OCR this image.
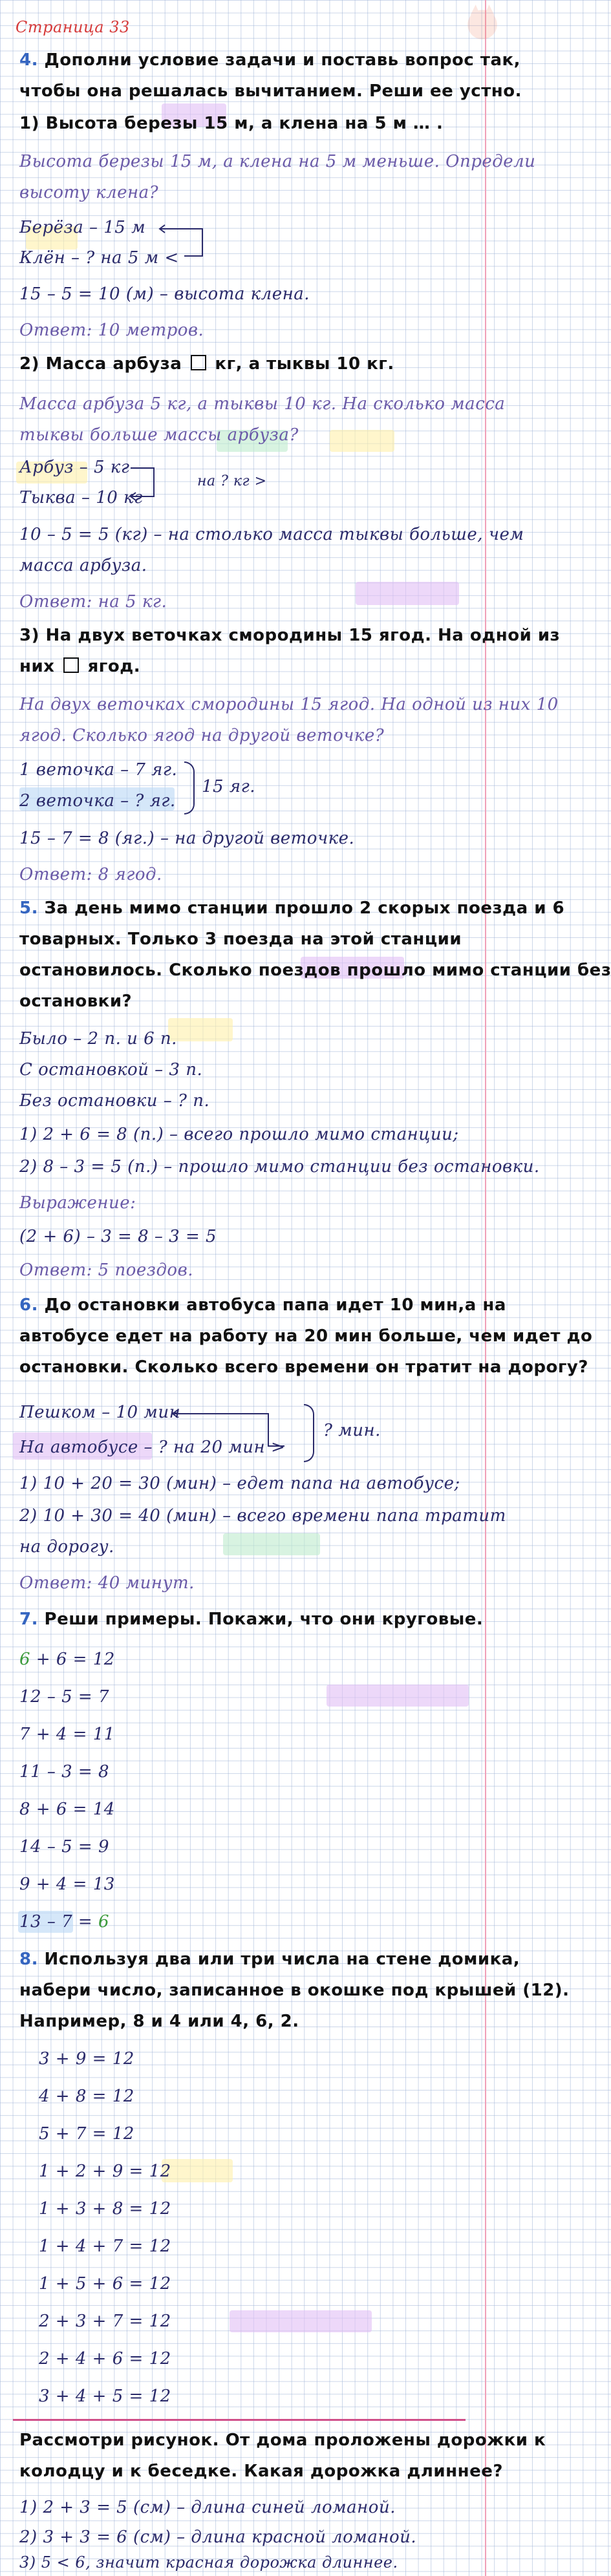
Страница 33
4. Дополни условие задачи и поставь вопрос так,
чтобы она решалась вычитанием. Реши ее устно.
1) Высота березы 15 м, а клена на 5 м … .
Высота березы 15 м, а клена на 5 м меньше. Определи
высоту клена?
Берёза – 15 м
Клён – ? на 5 м <
15 – 5 = 10 (м) – высота клена.
Ответ: 10 метров.
2) Масса арбуза кг, а тыквы 10 кг.
Масса арбуза 5 кг, а тыквы 10 кг. На сколько масса
тыквы больше массы арбуза?
Арбуз – 5 кг
Тыква – 10 кг
на ? кг >
10 – 5 = 5 (кг) – на столько масса тыквы больше, чем
масса арбуза.
Ответ: на 5 кг.
3) На двух веточках смородины 15 ягод. На одной из
них ягод.
На двух веточках смородины 15 ягод. На одной из них 10
ягод. Сколько ягод на другой веточке?
1 веточка – 7 яг.
2 веточка – ? яг.
15 яг.
15 – 7 = 8 (яг.) – на другой веточке.
Ответ: 8 ягод.
5. За день мимо станции прошло 2 скорых поезда и 6
товарных. Только 3 поезда на этой станции
остановилось. Сколько поездов прошло мимо станции без
остановки?
Было – 2 п. и 6 п.
С остановкой – 3 п.
Без остановки – ? п.
1) 2 + 6 = 8 (п.) – всего прошло мимо станции;
2) 8 – 3 = 5 (п.) – прошло мимо станции без остановки.
Выражение:
(2 + 6) – 3 = 8 – 3 = 5
Ответ: 5 поездов.
6. До остановки автобуса папа идет 10 мин,а на
автобусе едет на работу на 20 мин больше, чем идет до
остановки. Сколько всего времени он тратит на дорогу?
Пешком – 10 мин
На автобусе – ? на 20 мин >
? мин.
1) 10 + 20 = 30 (мин) – едет папа на автобусе;
2) 10 + 30 = 40 (мин) – всего времени папа тратит
на дорогу.
Ответ: 40 минут.
7. Реши примеры. Покажи, что они круговые.
6 + 6 = 12
12 – 5 = 7
7 + 4 = 11
11 – 3 = 8
8 + 6 = 14
14 – 5 = 9
9 + 4 = 13
13 – 7 = 6
8. Используя два или три числа на стене домика,
набери число, записанное в окошке под крышей (12).
Например, 8 и 4 или 4, 6, 2.
3 + 9 = 12
4 + 8 = 12
5 + 7 = 12
1 + 2 + 9 = 12
1 + 3 + 8 = 12
1 + 4 + 7 = 12
1 + 5 + 6 = 12
2 + 3 + 7 = 12
2 + 4 + 6 = 12
3 + 4 + 5 = 12
Рассмотри рисунок. От дома проложены дорожки к
колодцу и к беседке. Какая дорожка длиннее?
1) 2 + 3 = 5 (см) – длина синей ломаной.
2) 3 + 3 = 6 (см) – длина красной ломаной.
3) 5 < 6, значит красная дорожка длиннее.
